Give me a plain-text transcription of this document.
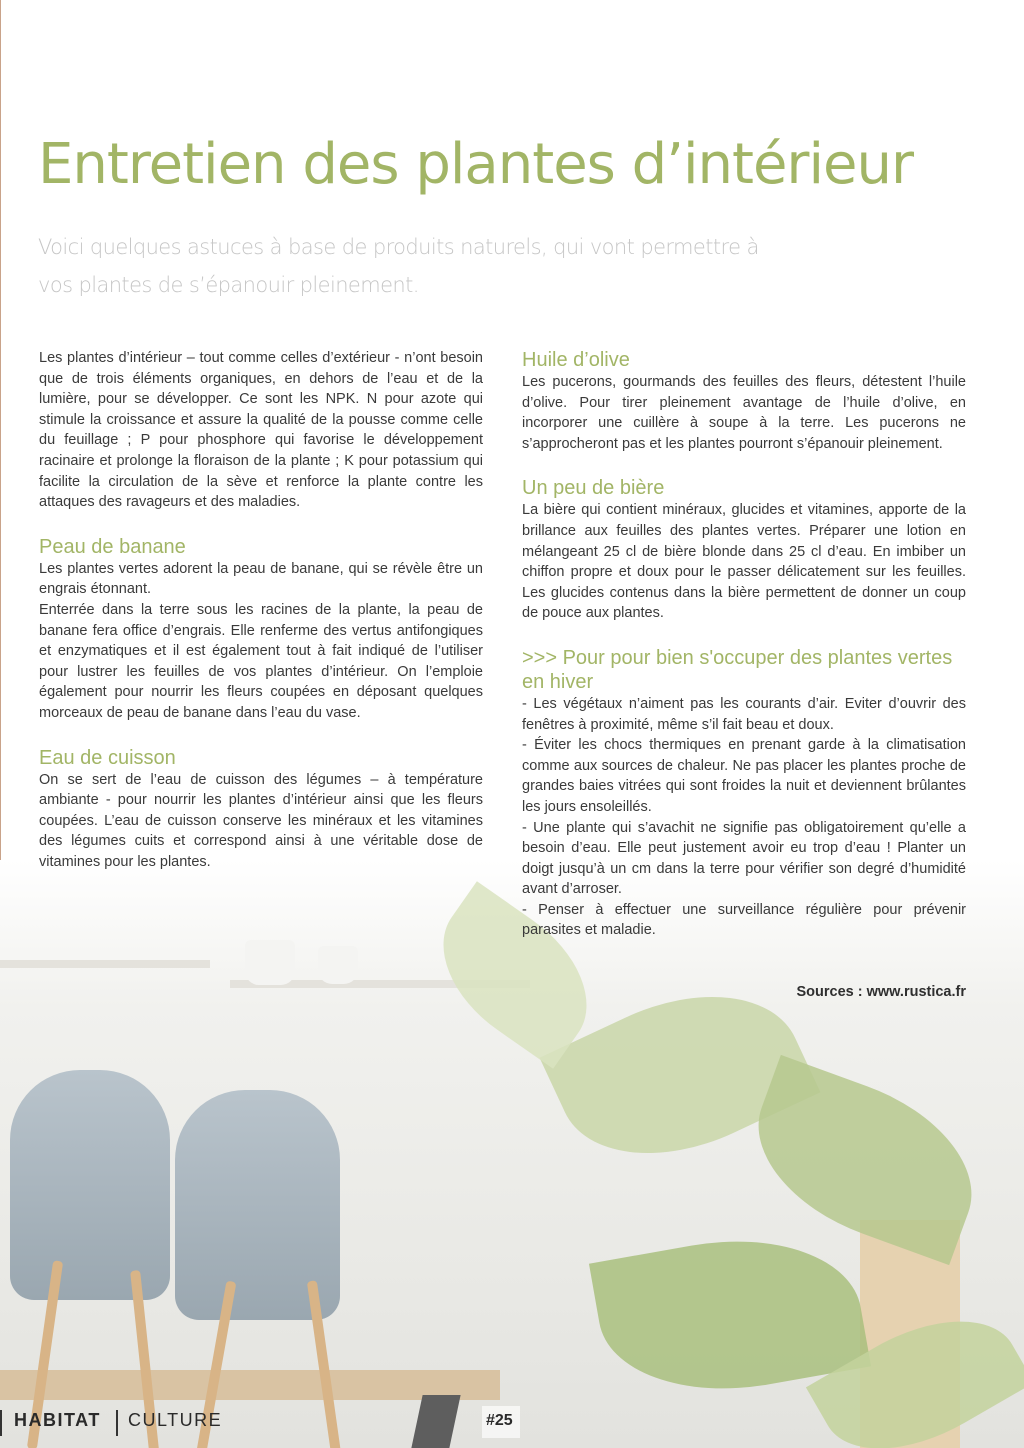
Entretien des plantes d’intérieur

Voici quelques astuces à base de produits naturels, qui vont permettre à vos plantes de s’épanouir pleinement.

Les plantes d’intérieur – tout comme celles d’extérieur - n’ont besoin que de trois éléments organiques, en dehors de l’eau et de la lumière, pour se développer. Ce sont les NPK. N pour azote qui stimule la croissance et assure la qualité de la pousse comme celle du feuillage ; P pour phosphore qui favorise le développement racinaire et prolonge la floraison de la plante ; K pour potassium qui facilite la circulation de la sève et renforce la plante contre les attaques des ravageurs et des maladies.

Peau de banane

Les plantes vertes adorent la peau de banane, qui se révèle être un engrais étonnant.

Enterrée dans la terre sous les racines de la plante, la peau de banane fera office d’engrais. Elle renferme des vertus antifongiques et enzymatiques et il est également tout à fait indiqué de l’utiliser pour lustrer les feuilles de vos plantes d’intérieur. On l’emploie également pour nourrir les fleurs coupées en déposant quelques morceaux de peau de banane dans l’eau du vase.

Eau de cuisson

On se sert de l’eau de cuisson des légumes – à température ambiante - pour nourrir les plantes d’intérieur ainsi que les fleurs coupées. L’eau de cuisson conserve les minéraux et les vitamines des légumes cuits et correspond ainsi à une véritable dose de vitamines pour les plantes.

Huile d’olive

Les pucerons, gourmands des feuilles des fleurs, détestent l’huile d’olive. Pour tirer pleinement avantage de l’huile d’olive, en incorporer une cuillère à soupe à la terre. Les pucerons ne s’approcheront pas et les plantes pourront s’épanouir pleinement.

Un peu de bière

La bière qui contient minéraux, glucides et vitamines, apporte de la brillance aux feuilles des plantes vertes. Préparer une lotion en mélangeant 25 cl de bière blonde dans 25 cl d’eau. En imbiber un chiffon propre et doux pour le passer délicatement sur les feuilles. Les glucides contenus dans la bière permettent de donner un coup de pouce aux plantes.

>>> Pour pour bien s'occuper des plantes vertes en hiver

- Les végétaux n’aiment pas les courants d’air. Eviter d’ouvrir des fenêtres à proximité, même s’il fait beau et doux.

- Éviter les chocs thermiques en prenant garde à la climatisation comme aux sources de chaleur. Ne pas placer les plantes proche de grandes baies vitrées qui sont froides la nuit et deviennent brûlantes les jours ensoleillés.

- Une plante qui s’avachit ne signifie pas obligatoirement qu’elle a besoin d’eau. Elle peut justement avoir eu trop d’eau ! Planter un doigt jusqu’à un cm dans la terre pour vérifier son degré d’humidité avant d’arroser.

- Penser à effectuer une surveillance régulière pour prévenir parasites et maladie.

Sources : www.rustica.fr
HABITAT CULTURE	#25
